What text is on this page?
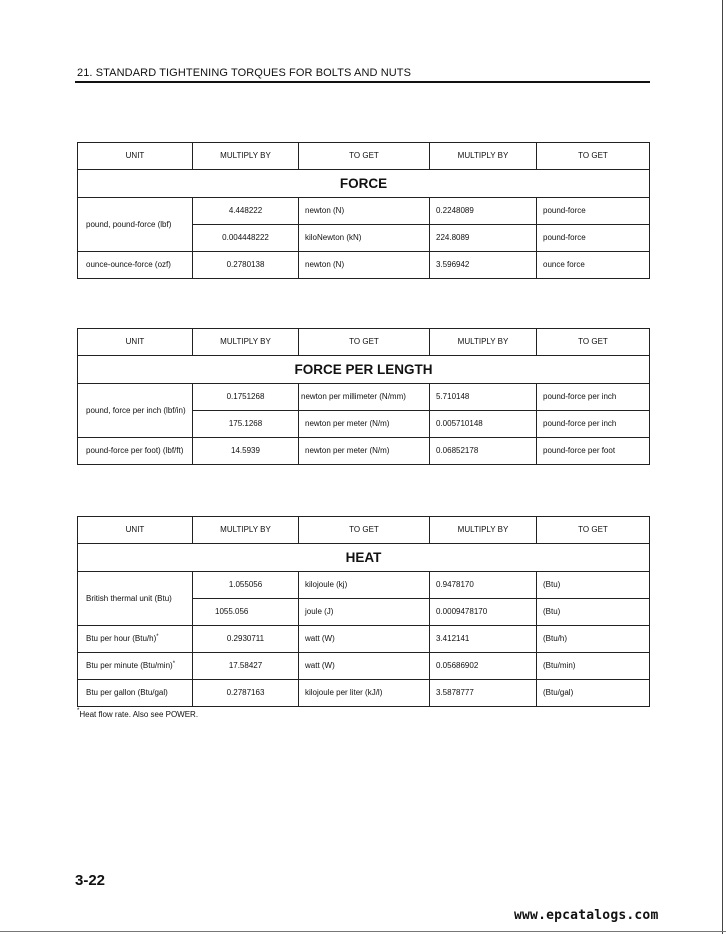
21. STANDARD TIGHTENING TORQUES FOR BOLTS AND NUTS
UNIT	MULTIPLY BY	TO GET	MULTIPLY BY	TO GET
FORCE				
pound, pound-force (lbf)	4.448222	newton (N)	0.2248089	pound-force
	0.004448222	kiloNewton (kN)	224.8089	pound-force
ounce-ounce-force (ozf)	0.2780138	newton (N)	3.596942	ounce force
UNIT	MULTIPLY BY	TO GET	MULTIPLY BY	TO GET
FORCE PER LENGTH				
pound, force per inch (lbf/in)	0.1751268	newton per millimeter (N/mm)	5.710148	pound-force per inch
	175.1268	newton per meter (N/m)	0.005710148	pound-force per inch
pound-force per foot) (lbf/ft)	14.5939	newton per meter (N/m)	0.06852178	pound-force per foot
UNIT	MULTIPLY BY	TO GET	MULTIPLY BY	TO GET
HEAT				
British thermal unit (Btu)	1.055056	kilojoule (kj)	0.9478170	(Btu)
	1055.056	joule (J)	0.0009478170	(Btu)
Btu per hour (Btu/h)*	0.2930711	watt (W)	3.412141	(Btu/h)
Btu per minute (Btu/min)*	17.58427	watt (W)	0.05686902	(Btu/min)
Btu per gallon (Btu/gal)	0.2787163	kilojoule per liter (kJ/l)	3.5878777	(Btu/gal)
*Heat flow rate. Also see POWER.
3-22
www.epcatalogs.com
